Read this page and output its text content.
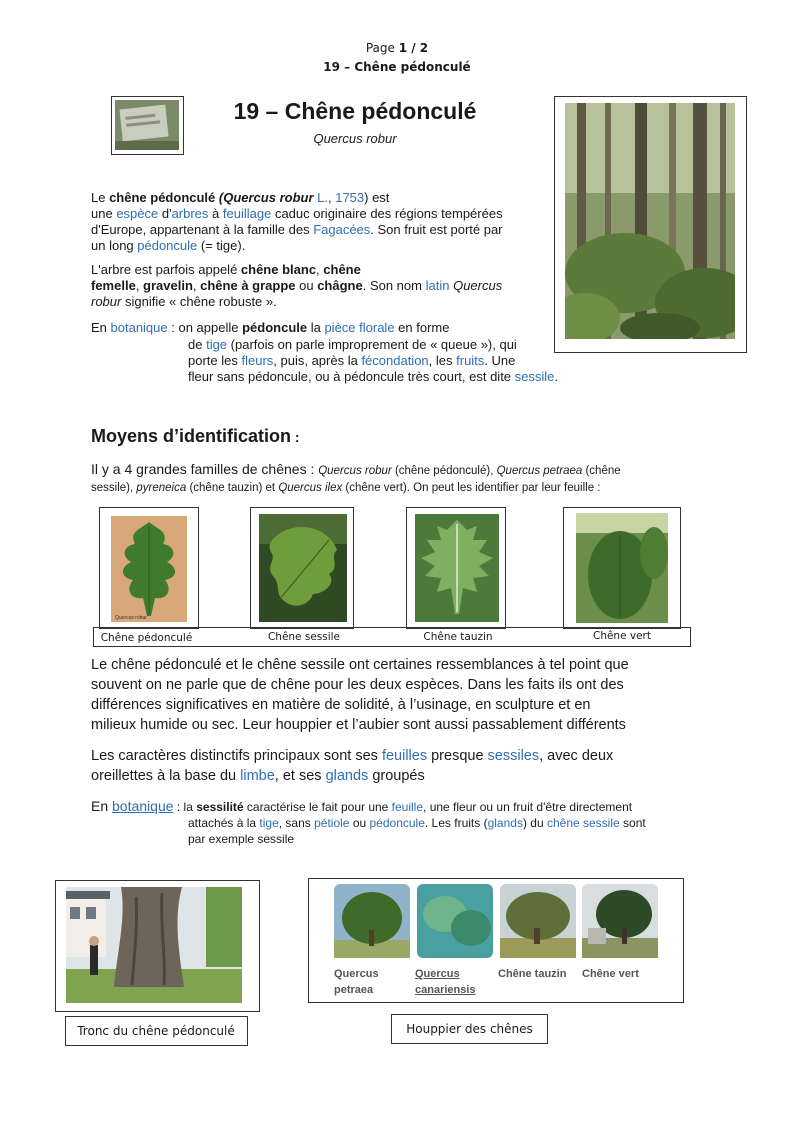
Page 1 / 2
19 – Chêne pédonculé
19 – Chêne pédonculé
Quercus robur
Le chêne pédonculé (Quercus robur L., 1753) est
une espèce d'arbres à feuillage caduc originaire des régions tempérées
d'Europe, appartenant à la famille des Fagacées. Son fruit est porté par
un long pédoncule (= tige).
L'arbre est parfois appelé chêne blanc, chêne
femelle, gravelin, chêne à grappe ou châgne. Son nom latin Quercus
robur signifie « chêne robuste ».
En botanique : on appelle pédoncule la pièce florale en forme
de tige (parfois on parle improprement de « queue »), qui
porte les fleurs, puis, après la fécondation, les fruits. Une
fleur sans pédoncule, ou à pédoncule très court, est dite sessile.
Moyens d’identification :
Il y a 4 grandes familles de chênes : Quercus robur (chêne pédonculé), Quercus petraea (chêne
sessile), pyreneica (chêne tauzin) et Quercus ilex (chêne vert). On peut les identifier par leur feuille :
Quercus robur
Chêne pédonculé	Chêne sessile	Chêne tauzin	Chêne vert
Le chêne pédonculé et le chêne sessile ont certaines ressemblances à tel point que
souvent on ne parle que de chêne pour les deux espèces. Dans les faits ils ont des
différences significatives en matière de solidité, à l’usinage, en sculpture et en
milieux humide ou sec. Leur houppier et l’aubier sont aussi passablement différents
Les caractères distinctifs principaux sont ses feuilles presque sessiles, avec deux
oreillettes à la base du limbe, et ses glands groupés
En botanique : la sessilité caractérise le fait pour une feuille, une fleur ou un fruit d'être directement
attachés à la tige, sans pétiole ou pédoncule. Les fruits (glands) du chêne sessile sont
par exemple sessile
Tronc du chêne pédonculé
Quercus
petraea
Quercus
canariensis
Chêne tauzin Chêne vert
Houppier des chênes
